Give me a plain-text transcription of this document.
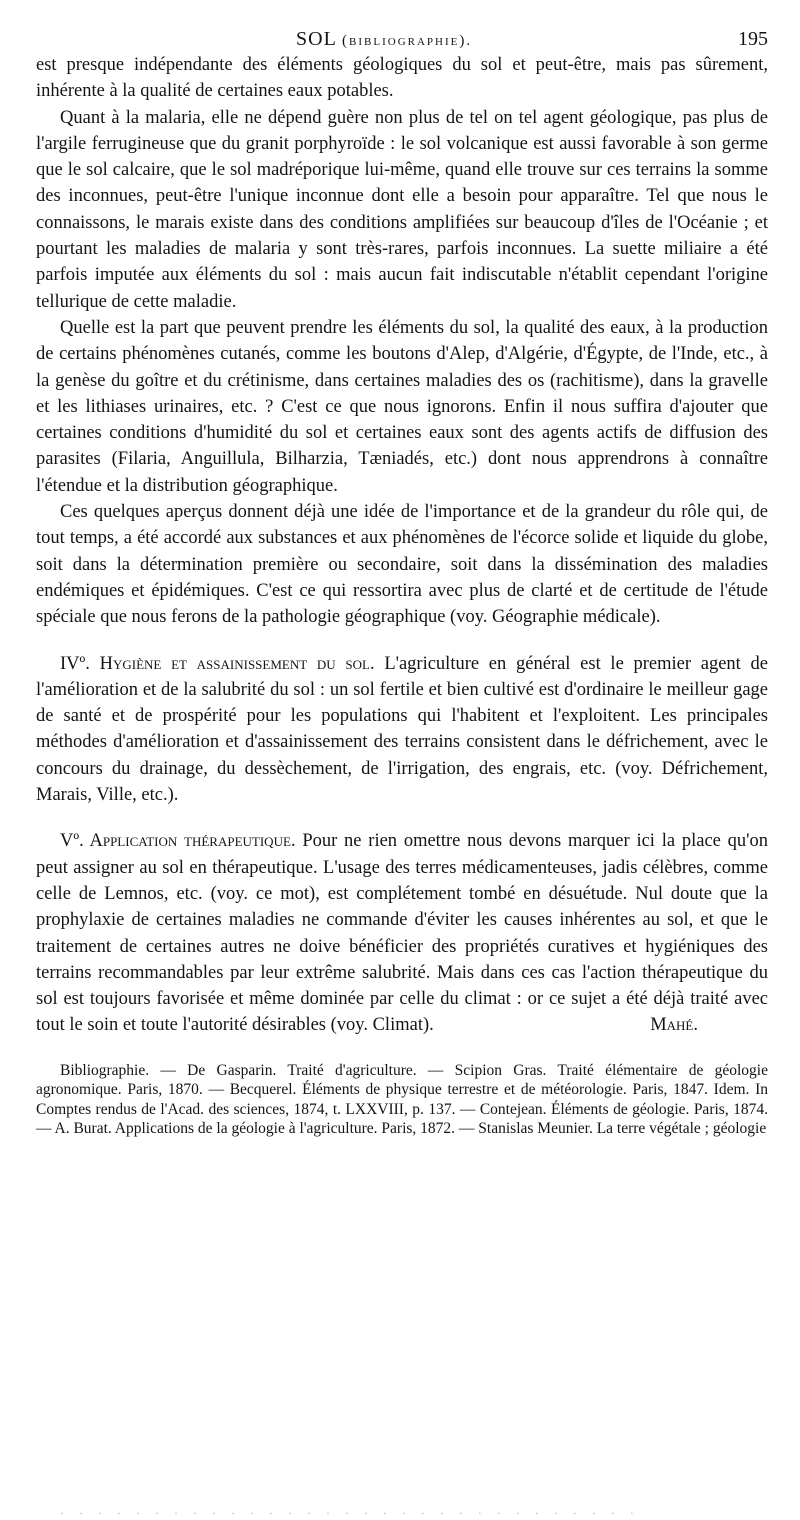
SOL (bibliographie).	195

est presque indépendante des éléments géologiques du sol et peut-être, mais pas sûrement, inhérente à la qualité de certaines eaux potables.

Quant à la malaria, elle ne dépend guère non plus de tel on tel agent géologique, pas plus de l'argile ferrugineuse que du granit porphyroïde : le sol volcanique est aussi favorable à son germe que le sol calcaire, que le sol madréporique lui-même, quand elle trouve sur ces terrains la somme des inconnues, peut-être l'unique inconnue dont elle a besoin pour apparaître. Tel que nous le connaissons, le marais existe dans des conditions amplifiées sur beaucoup d'îles de l'Océanie ; et pourtant les maladies de malaria y sont très-rares, parfois inconnues. La suette miliaire a été parfois imputée aux éléments du sol : mais aucun fait indiscutable n'établit cependant l'origine tellurique de cette maladie.

Quelle est la part que peuvent prendre les éléments du sol, la qualité des eaux, à la production de certains phénomènes cutanés, comme les boutons d'Alep, d'Algérie, d'Égypte, de l'Inde, etc., à la genèse du goître et du crétinisme, dans certaines maladies des os (rachitisme), dans la gravelle et les lithiases urinaires, etc. ? C'est ce que nous ignorons. Enfin il nous suffira d'ajouter que certaines conditions d'humidité du sol et certaines eaux sont des agents actifs de diffusion des parasites (Filaria, Anguillula, Bilharzia, Tæniadés, etc.) dont nous apprendrons à connaître l'étendue et la distribution géographique.

Ces quelques aperçus donnent déjà une idée de l'importance et de la grandeur du rôle qui, de tout temps, a été accordé aux substances et aux phénomènes de l'écorce solide et liquide du globe, soit dans la détermination première ou secondaire, soit dans la dissémination des maladies endémiques et épidémiques. C'est ce qui ressortira avec plus de clarté et de certitude de l'étude spéciale que nous ferons de la pathologie géographique (voy. Géographie médicale).

IVº. Hygiène et assainissement du sol. L'agriculture en général est le premier agent de l'amélioration et de la salubrité du sol : un sol fertile et bien cultivé est d'ordinaire le meilleur gage de santé et de prospérité pour les populations qui l'habitent et l'exploitent. Les principales méthodes d'amélioration et d'assainissement des terrains consistent dans le défrichement, avec le concours du drainage, du dessèchement, de l'irrigation, des engrais, etc. (voy. Défrichement, Marais, Ville, etc.).

Vº. Application thérapeutique. Pour ne rien omettre nous devons marquer ici la place qu'on peut assigner au sol en thérapeutique. L'usage des terres médicamenteuses, jadis célèbres, comme celle de Lemnos, etc. (voy. ce mot), est complétement tombé en désuétude. Nul doute que la prophylaxie de certaines maladies ne commande d'éviter les causes inhérentes au sol, et que le traitement de certaines autres ne doive bénéficier des propriétés curatives et hygiéniques des terrains recommandables par leur extrême salubrité. Mais dans ces cas l'action thérapeutique du sol est toujours favorisée et même dominée par celle du climat : or ce sujet a été déjà traité avec tout le soin et toute l'autorité désirables (voy. Climat).	Mahé.

Bibliographie. — De Gasparin. Traité d'agriculture. — Scipion Gras. Traité élémentaire de géologie agronomique. Paris, 1870. — Becquerel. Éléments de physique terrestre et de météorologie. Paris, 1847. Idem. In Comptes rendus de l'Acad. des sciences, 1874, t. LXXVIII, p. 137. — Contejean. Éléments de géologie. Paris, 1874. — A. Burat. Applications de la géologie à l'agriculture. Paris, 1872. — Stanislas Meunier. La terre végétale ; géologie

· · · · · · · · · · · · · · · · · · · · · · · · · · · · · · ·
